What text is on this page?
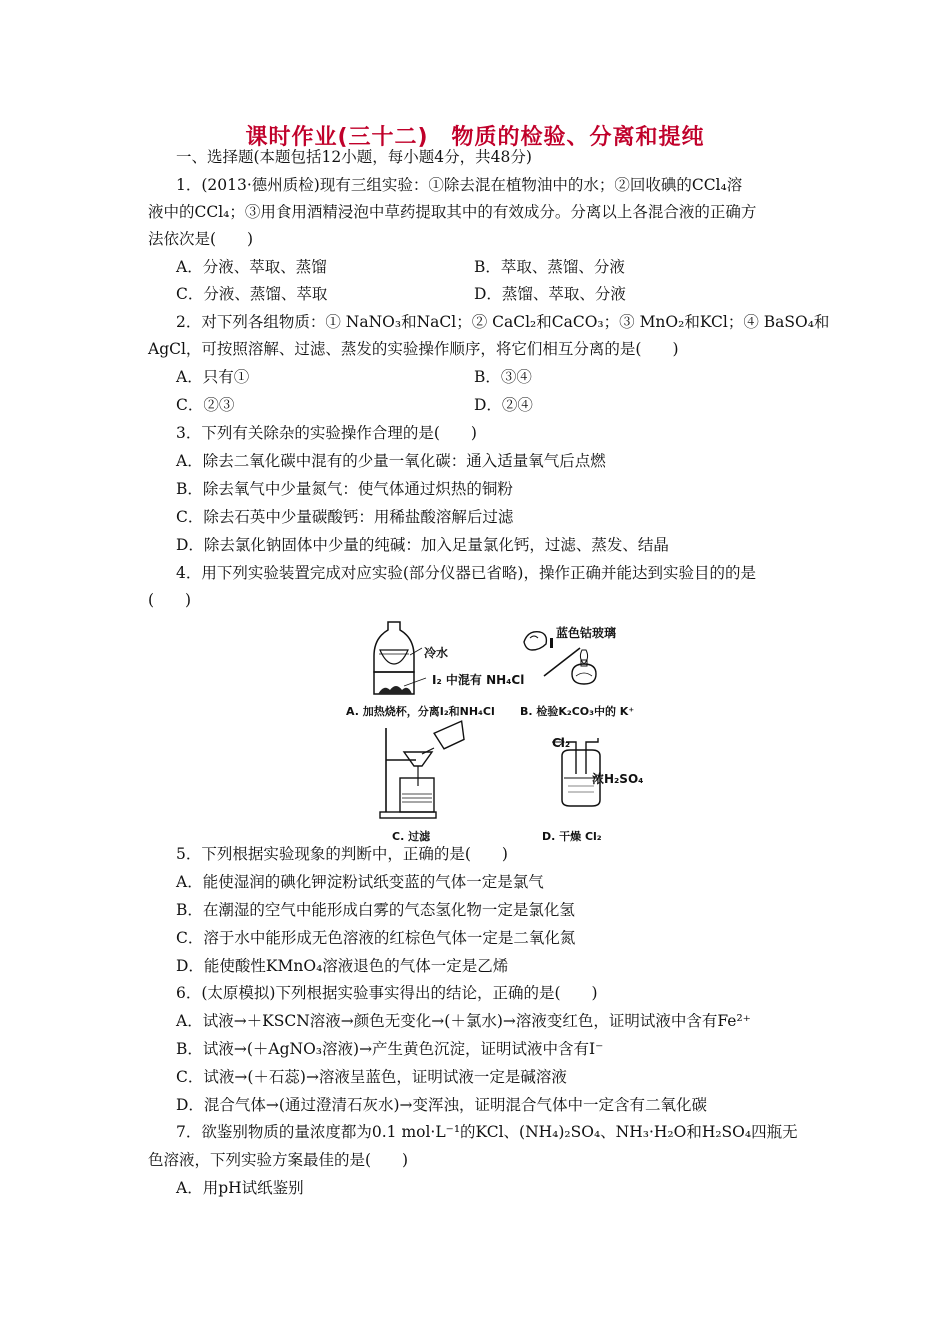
课时作业(三十二)　物质的检验、分离和提纯
一、选择题(本题包括12小题，每小题4分，共48分)
1．(2013·德州质检)现有三组实验：①除去混在植物油中的水；②回收碘的CCl₄溶
液中的CCl₄；③用食用酒精浸泡中草药提取其中的有效成分。分离以上各混合液的正确方
法依次是(　　)
A．分液、萃取、蒸馏	B．萃取、蒸馏、分液
C．分液、蒸馏、萃取	D．蒸馏、萃取、分液
2．对下列各组物质：① NaNO₃和NaCl；② CaCl₂和CaCO₃；③ MnO₂和KCl；④ BaSO₄和
AgCl，可按照溶解、过滤、蒸发的实验操作顺序，将它们相互分离的是(　　)
A．只有①	B．③④
C．②③	D．②④
3．下列有关除杂的实验操作合理的是(　　)
A．除去二氧化碳中混有的少量一氧化碳：通入适量氧气后点燃
B．除去氧气中少量氮气：使气体通过炽热的铜粉
C．除去石英中少量碳酸钙：用稀盐酸溶解后过滤
D．除去氯化钠固体中少量的纯碱：加入足量氯化钙，过滤、蒸发、结晶
4．用下列实验装置完成对应实验(部分仪器已省略)，操作正确并能达到实验目的的是
(　　)
冷水
I₂ 中混有 NH₄Cl
A. 加热烧杯，分离I₂和NH₄Cl
蓝色钴玻璃
B. 检验K₂CO₃中的 K⁺
C. 过滤
Cl₂
浓H₂SO₄
D. 干燥 Cl₂
5．下列根据实验现象的判断中，正确的是(　　)
A．能使湿润的碘化钾淀粉试纸变蓝的气体一定是氯气
B．在潮湿的空气中能形成白雾的气态氢化物一定是氯化氢
C．溶于水中能形成无色溶液的红棕色气体一定是二氧化氮
D．能使酸性KMnO₄溶液退色的气体一定是乙烯
6．(太原模拟)下列根据实验事实得出的结论，正确的是(　　)
A．试液→＋KSCN溶液→颜色无变化→(＋氯水)→溶液变红色，证明试液中含有Fe²⁺
B．试液→(＋AgNO₃溶液)→产生黄色沉淀，证明试液中含有I⁻
C．试液→(＋石蕊)→溶液呈蓝色，证明试液一定是碱溶液
D．混合气体→(通过澄清石灰水)→变浑浊，证明混合气体中一定含有二氧化碳
7．欲鉴别物质的量浓度都为0.1 mol·L⁻¹的KCl、(NH₄)₂SO₄、NH₃·H₂O和H₂SO₄四瓶无
色溶液，下列实验方案最佳的是(　　)
A．用pH试纸鉴别
